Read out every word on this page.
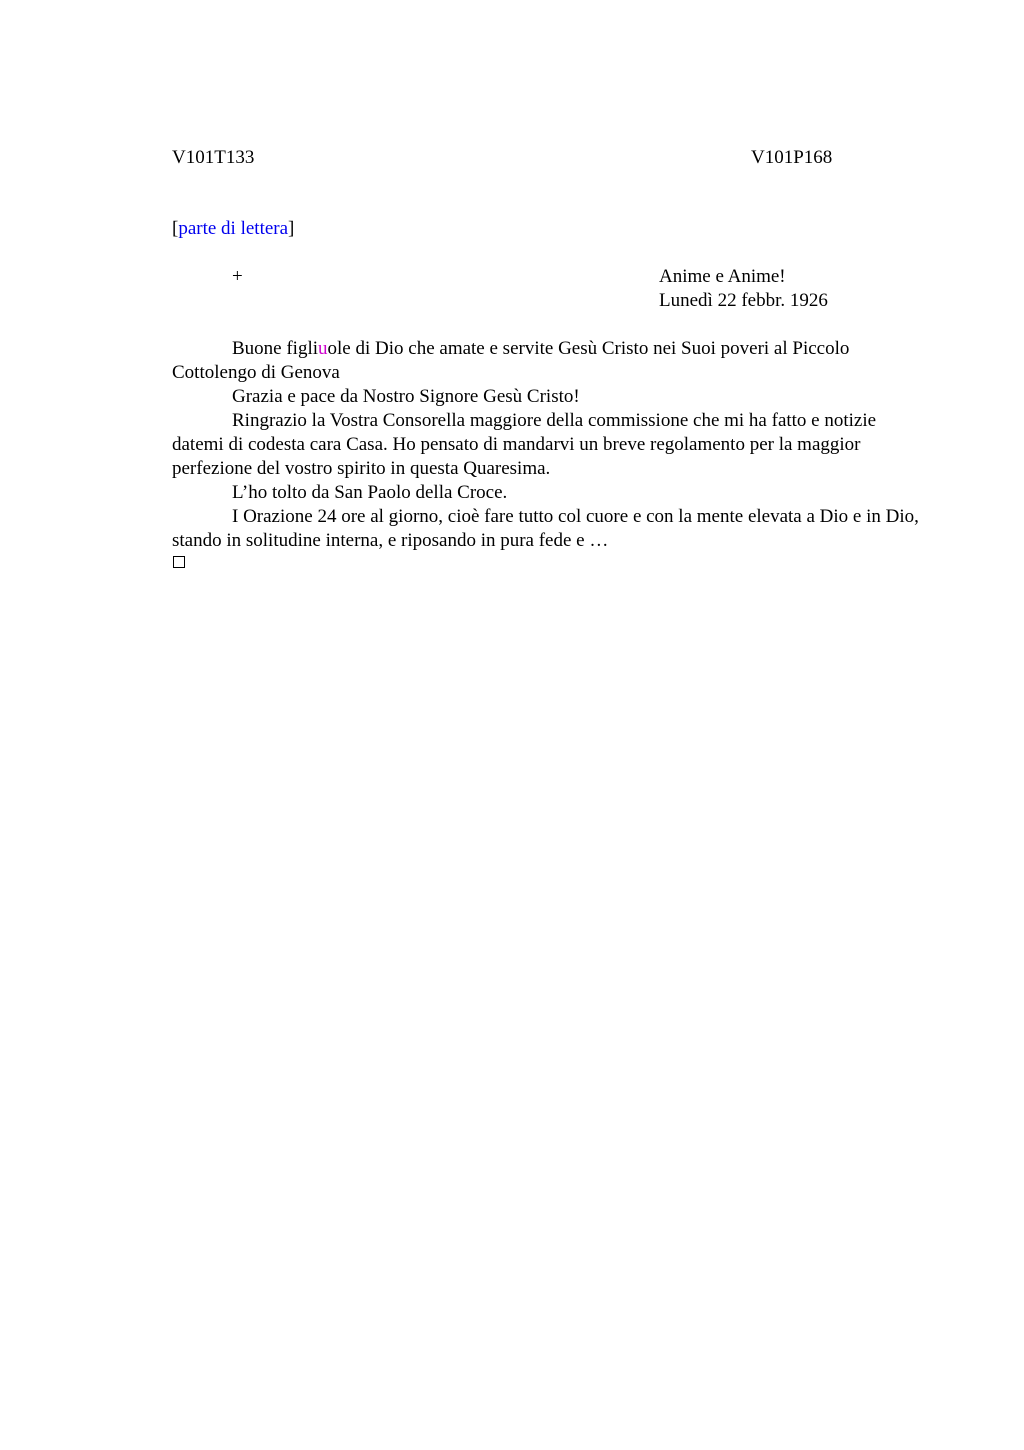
V101T133	V101P168
[parte di lettera]
+	Anime e Anime!
Lunedì 22 febbr. 1926

Buone figliuole di Dio che amate e servite Gesù Cristo nei Suoi poveri al Piccolo Cottolengo di Genova

Grazia e pace da Nostro Signore Gesù Cristo!

Ringrazio la Vostra Consorella maggiore della commissione che mi ha fatto e notizie datemi di codesta cara Casa. Ho pensato di mandarvi un breve regolamento per la maggior perfezione del vostro spirito in questa Quaresima.

L’ho tolto da San Paolo della Croce.

I Orazione 24 ore al giorno, cioè fare tutto col cuore e con la mente elevata a Dio e in Dio, stando in solitudine interna, e riposando in pura fede e …
